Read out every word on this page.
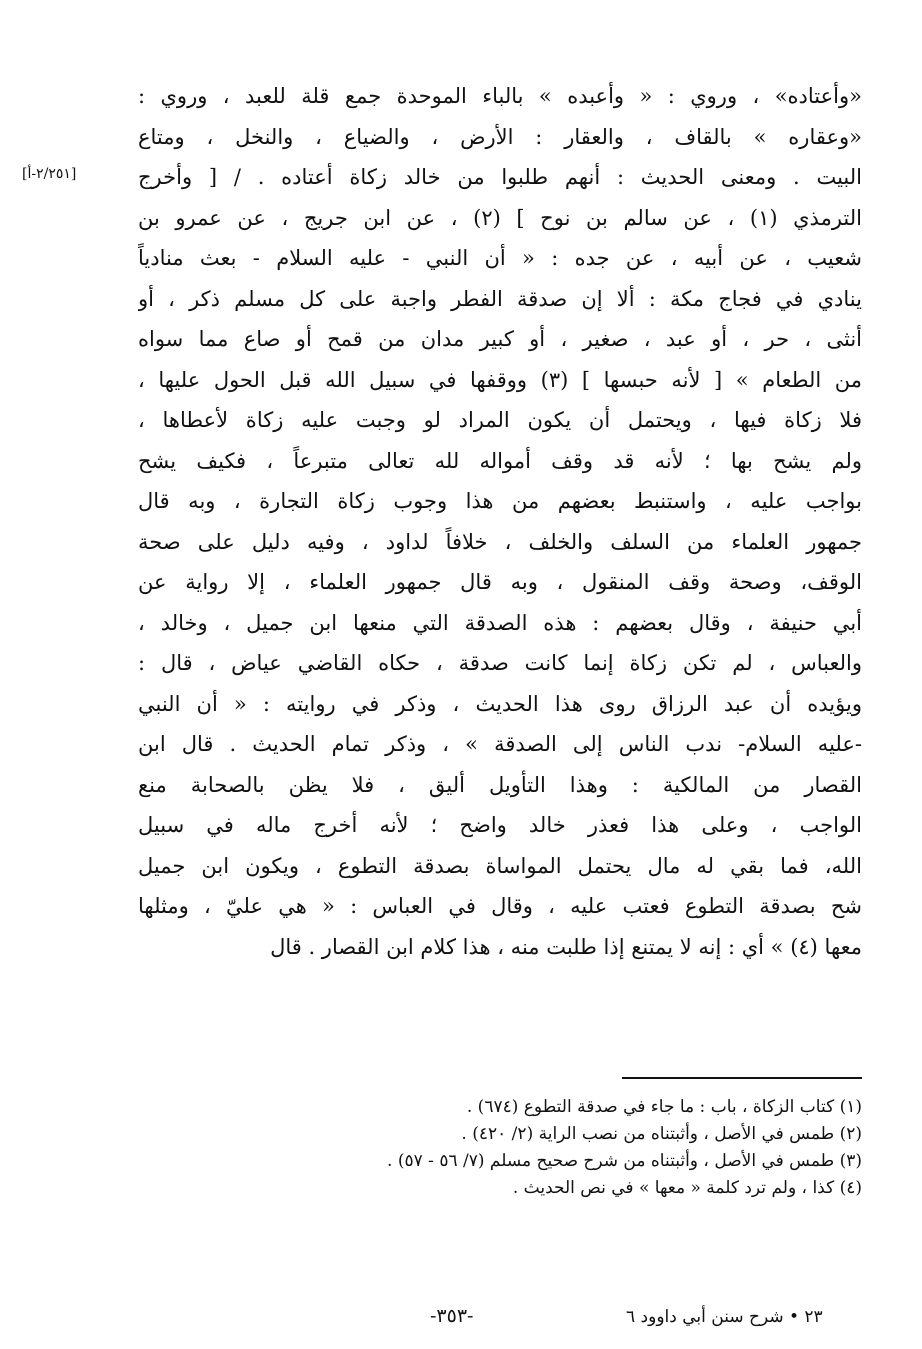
«وأعتاده» ، وروي : « وأعبده » بالباء الموحدة جمع قلة للعبد ، وروي :
«وعقاره » بالقاف ، والعقار : الأرض ، والضياع ، والنخل ، ومتاع
البيت . ومعنى الحديث : أنهم طلبوا من خالد زكاة أعتاده . / [ وأخرج
الترمذي (١) ، عن سالم بن نوح ] (٢) ، عن ابن جريج ، عن عمرو بن
شعيب ، عن أبيه ، عن جده : « أن النبي - عليه السلام - بعث منادياً
ينادي في فجاج مكة : ألا إن صدقة الفطر واجبة على كل مسلم ذكر ، أو
أنثى ، حر ، أو عبد ، صغير ، أو كبير مدان من قمح أو صاع مما سواه
من الطعام » [ لأنه حبسها ] (٣) ووقفها في سبيل الله قبل الحول عليها ،
فلا زكاة فيها ، ويحتمل أن يكون المراد لو وجبت عليه زكاة لأعطاها ،
ولم يشح بها ؛ لأنه قد وقف أمواله لله تعالى متبرعاً ، فكيف يشح
بواجب عليه ، واستنبط بعضهم من هذا وجوب زكاة التجارة ، وبه قال
جمهور العلماء من السلف والخلف ، خلافاً لداود ، وفيه دليل على صحة
الوقف، وصحة وقف المنقول ، وبه قال جمهور العلماء ، إلا رواية عن
أبي حنيفة ، وقال بعضهم : هذه الصدقة التي منعها ابن جميل ، وخالد ،
والعباس ، لم تكن زكاة إنما كانت صدقة ، حكاه القاضي عياض ، قال :
ويؤيده أن عبد الرزاق روى هذا الحديث ، وذكر في روايته : « أن النبي
-عليه السلام- ندب الناس إلى الصدقة » ، وذكر تمام الحديث . قال ابن
القصار من المالكية : وهذا التأويل أليق ، فلا يظن بالصحابة منع
الواجب ، وعلى هذا فعذر خالد واضح ؛ لأنه أخرج ماله في سبيل
الله، فما بقي له مال يحتمل المواساة بصدقة التطوع ، ويكون ابن جميل
شح بصدقة التطوع فعتب عليه ، وقال في العباس : « هي عليّ ، ومثلها
معها (٤) » أي : إنه لا يمتنع إذا طلبت منه ، هذا كلام ابن القصار . قال
[٢/٢٥١-أ]
(١) كتاب الزكاة ، باب : ما جاء في صدقة التطوع (٦٧٤) .
(٢) طمس في الأصل ، وأثبتناه من نصب الراية (٢/ ٤٢٠) .
(٣) طمس في الأصل ، وأثبتناه من شرح صحيح مسلم (٧/ ٥٦ - ٥٧) .
(٤) كذا ، ولم ترد كلمة « معها » في نص الحديث .
-٣٥٣-	٢٣ • شرح سنن أبي داوود ٦
